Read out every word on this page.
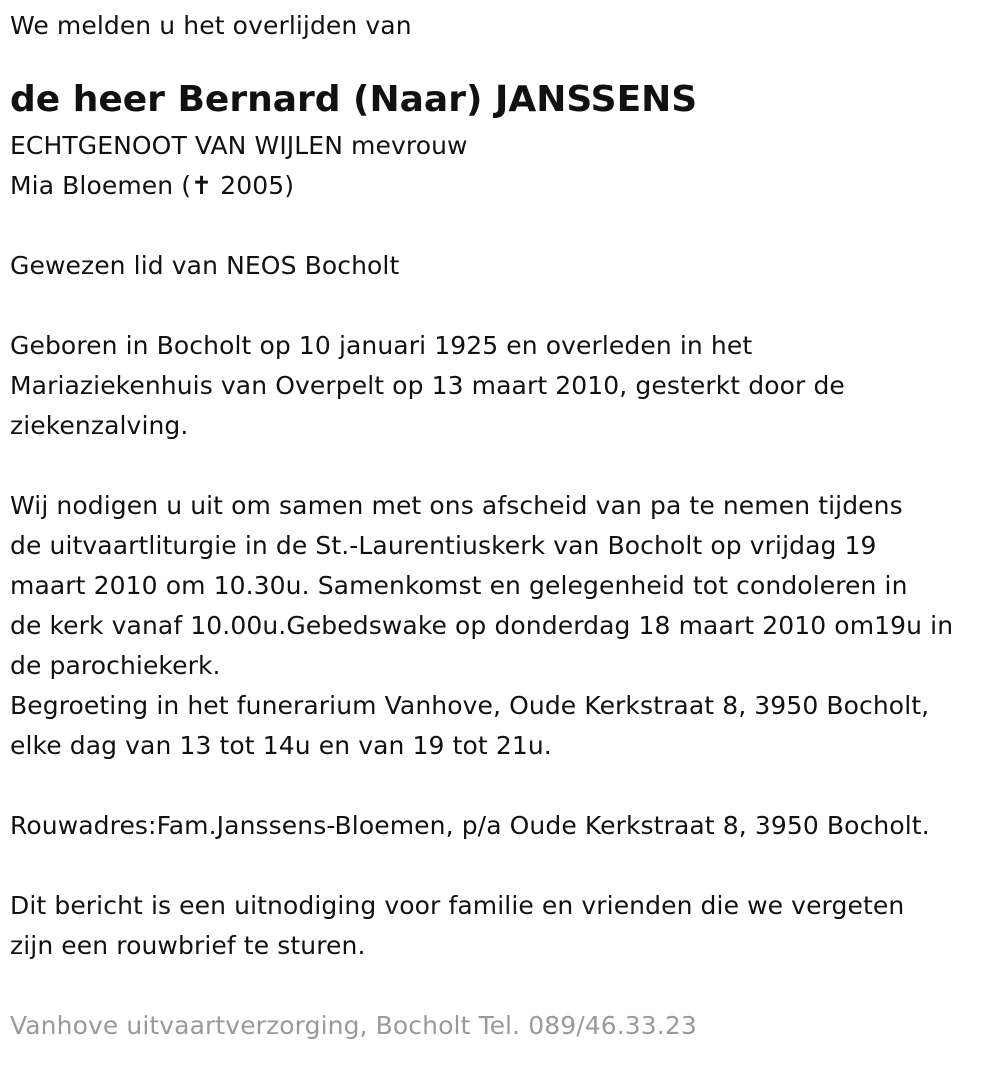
We melden u het overlijden van
de heer Bernard (Naar) JANSSENS
ECHTGENOOT VAN WIJLEN mevrouw
Mia Bloemen (✝ 2005)
Gewezen lid van NEOS Bocholt
Geboren in Bocholt op 10 januari 1925 en overleden in het
Mariaziekenhuis van Overpelt op 13 maart 2010, gesterkt door de
ziekenzalving.
Wij nodigen u uit om samen met ons afscheid van pa te nemen tijdens
de uitvaartliturgie in de St.-Laurentiuskerk van Bocholt op vrijdag 19
maart 2010 om 10.30u. Samenkomst en gelegenheid tot condoleren in
de kerk vanaf 10.00u.Gebedswake op donderdag 18 maart 2010 om19u in
de parochiekerk.
Begroeting in het funerarium Vanhove, Oude Kerkstraat 8, 3950 Bocholt,
elke dag van 13 tot 14u en van 19 tot 21u.
Rouwadres:Fam.Janssens-Bloemen, p/a Oude Kerkstraat 8, 3950 Bocholt.
Dit bericht is een uitnodiging voor familie en vrienden die we vergeten
zijn een rouwbrief te sturen.
Vanhove uitvaartverzorging, Bocholt Tel. 089/46.33.23
